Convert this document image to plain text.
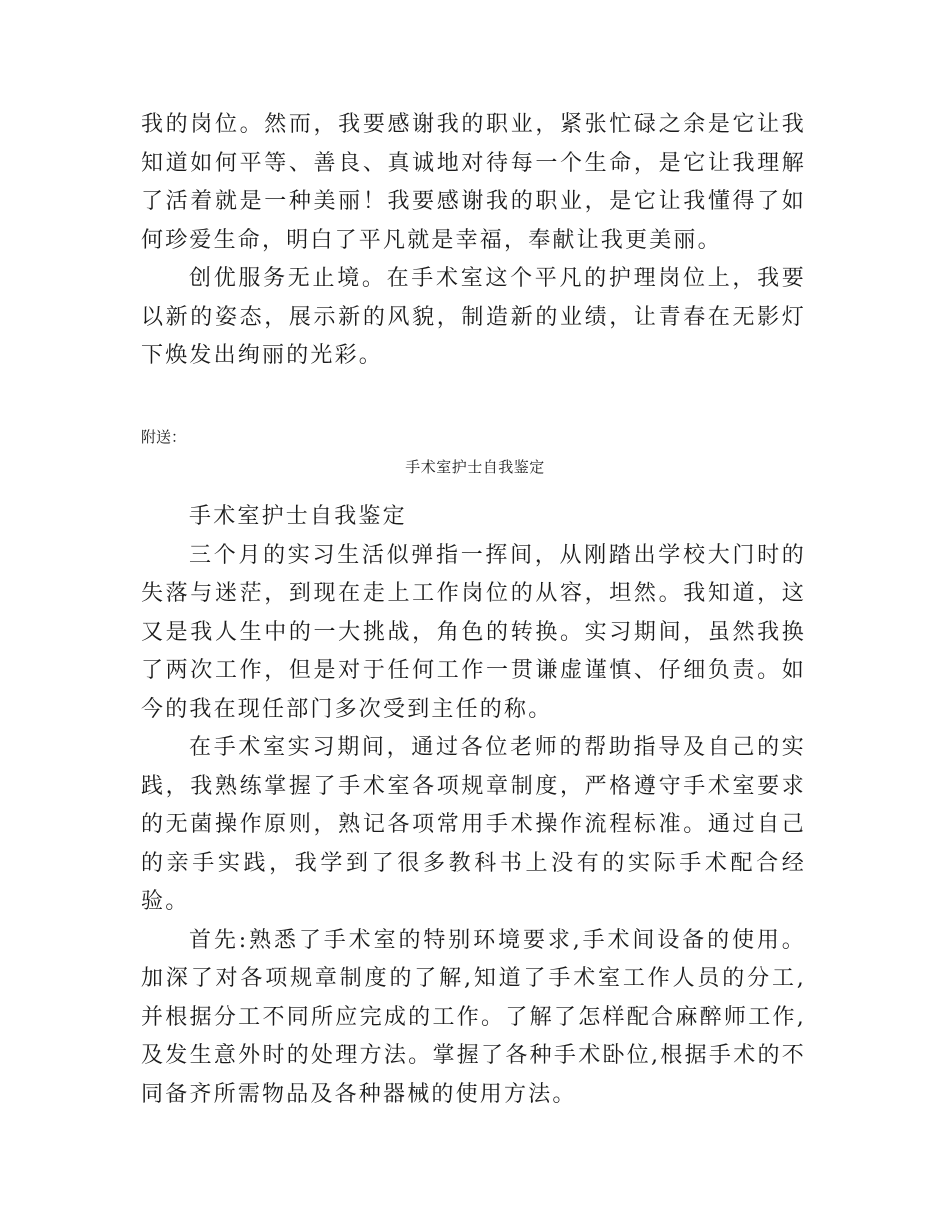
我的岗位。然而，我要感谢我的职业，紧张忙碌之余是它让我知道如何平等、善良、真诚地对待每一个生命，是它让我理解了活着就是一种美丽！我要感谢我的职业，是它让我懂得了如何珍爱生命，明白了平凡就是幸福，奉献让我更美丽。

创优服务无止境。在手术室这个平凡的护理岗位上，我要以新的姿态，展示新的风貌，制造新的业绩，让青春在无影灯下焕发出绚丽的光彩。

附送：

手术室护士自我鉴定

手术室护士自我鉴定

三个月的实习生活似弹指一挥间，从刚踏出学校大门时的失落与迷茫，到现在走上工作岗位的从容，坦然。我知道，这又是我人生中的一大挑战，角色的转换。实习期间，虽然我换了两次工作，但是对于任何工作一贯谦虚谨慎、仔细负责。如今的我在现任部门多次受到主任的称。

在手术室实习期间，通过各位老师的帮助指导及自己的实践，我熟练掌握了手术室各项规章制度，严格遵守手术室要求的无菌操作原则，熟记各项常用手术操作流程标准。通过自己的亲手实践，我学到了很多教科书上没有的实际手术配合经验。

首先:熟悉了手术室的特别环境要求,手术间设备的使用。加深了对各项规章制度的了解,知道了手术室工作人员的分工,并根据分工不同所应完成的工作。了解了怎样配合麻醉师工作,及发生意外时的处理方法。掌握了各种手术卧位,根据手术的不同备齐所需物品及各种器械的使用方法。
